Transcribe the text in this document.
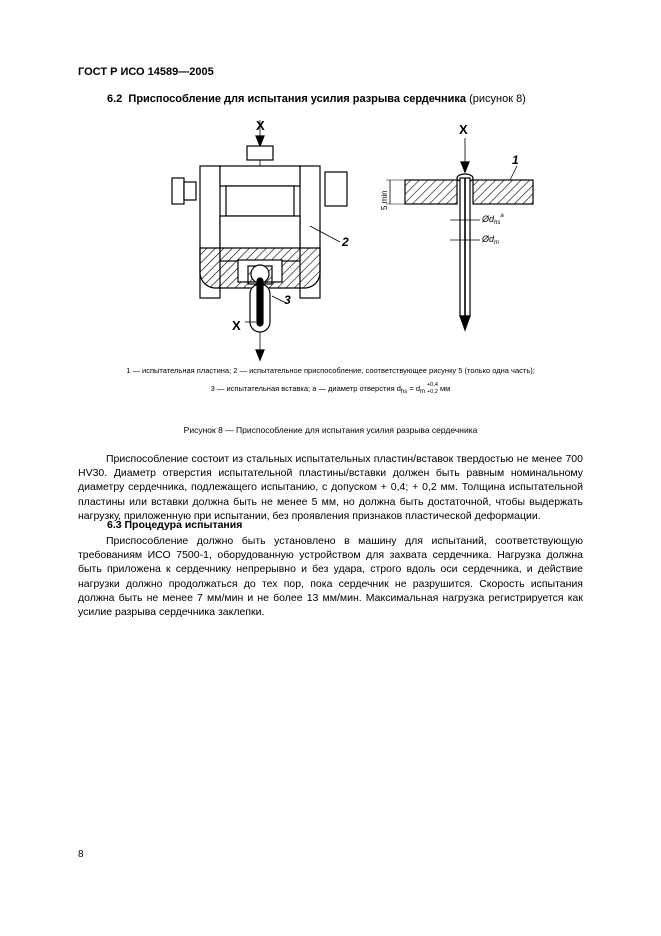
ГОСТ Р ИСО 14589—2005
6.2 Приспособление для испытания усилия разрыва сердечника (рисунок 8)
X
X
2
3
X
1
5 min
$Ød_{hs}^a$
$Ød_m$
1 — испытательная пластина; 2 — испытательное приспособление, соответствующее рисунку 5 (только одна часть);
3 — испытательная вставка; a — диаметр отверстия $d_{hs} = d_m$
+0,4
+0,2 мм
Рисунок 8 — Приспособление для испытания усилия разрыва сердечника
Приспособление состоит из стальных испытательных пластин/вставок твердостью не менее 700 HV30. Диаметр отверстия испытательной пластины/вставки должен быть равным номинальному диаметру сердечника, подлежащего испытанию, с допуском + 0,4; + 0,2 мм. Толщина испытательной пластины или вставки должна быть не менее 5 мм, но должна быть достаточной, чтобы выдержать нагрузку, приложенную при испытании, без проявления признаков пластической деформации.
6.3 Процедура испытания
Приспособление должно быть установлено в машину для испытаний, соответствующую требованиям ИСО 7500-1, оборудованную устройством для захвата сердечника. Нагрузка должна быть приложена к сердечнику непрерывно и без удара, строго вдоль оси сердечника, и действие нагрузки должно продолжаться до тех пор, пока сердечник не разрушится. Скорость испытания должна быть не менее 7 мм/мин и не более 13 мм/мин. Максимальная нагрузка регистрируется как усилие разрыва сердечника заклепки.
8
